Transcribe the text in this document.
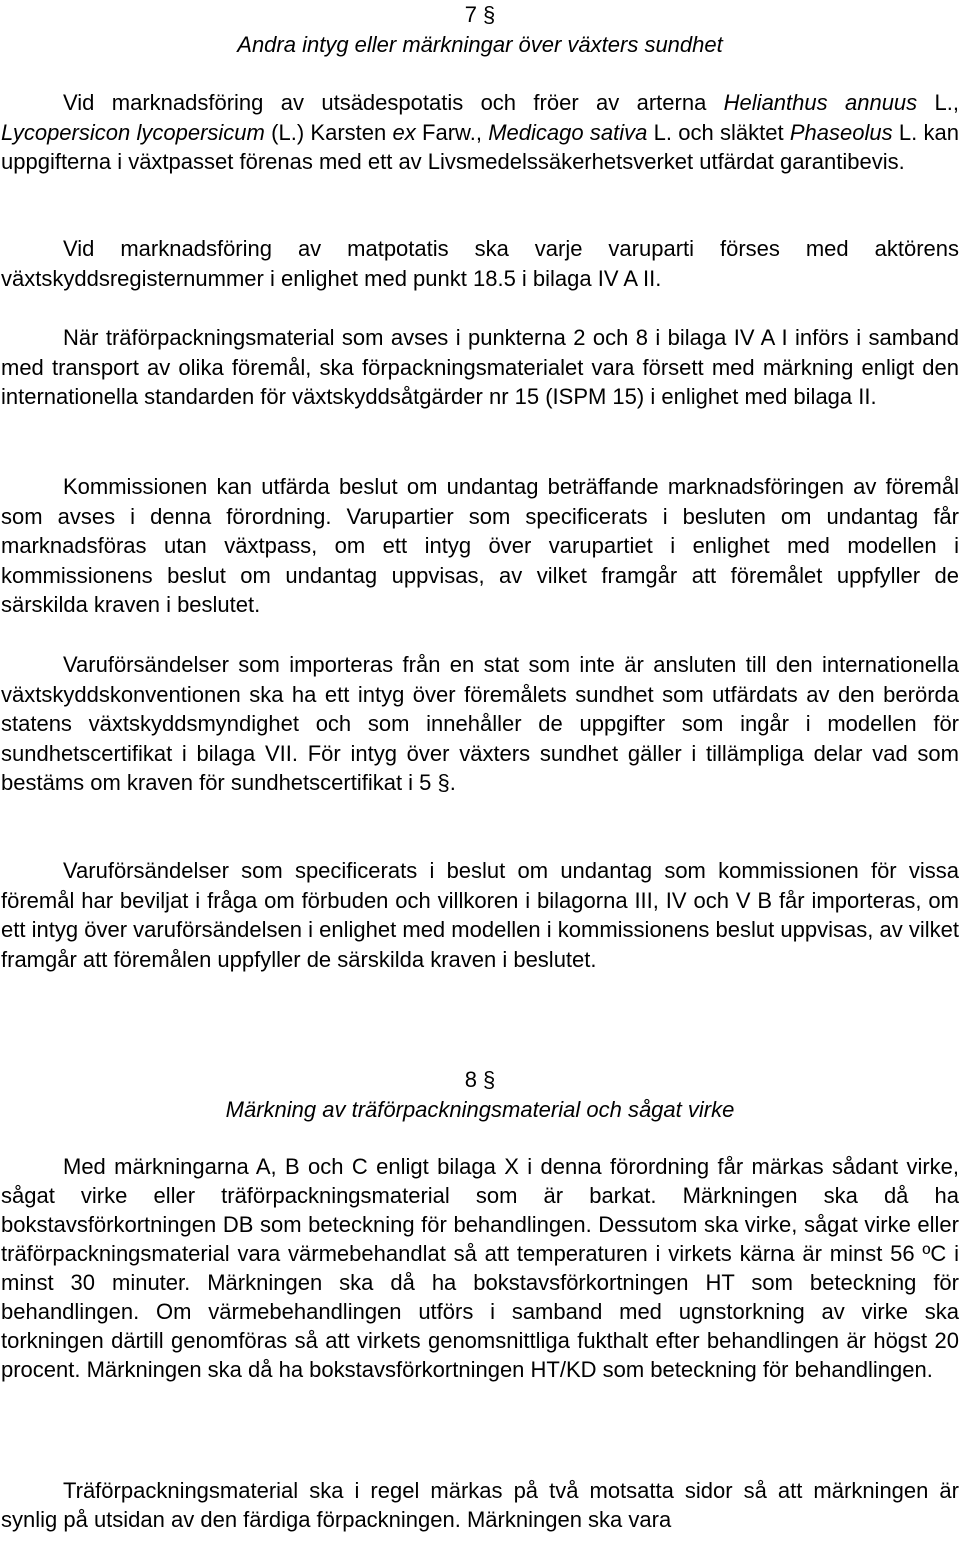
7 §
Andra intyg eller märkningar över växters sundhet

Vid marknadsföring av utsädespotatis och fröer av arterna Helianthus annuus L., Lycopersicon lycopersicum (L.) Karsten ex Farw., Medicago sativa L. och släktet Phaseolus L. kan uppgifterna i växtpasset förenas med ett av Livsmedelssäkerhetsverket utfärdat garantibevis.

Vid marknadsföring av matpotatis ska varje varuparti förses med aktörens växtskyddsregisternummer i enlighet med punkt 18.5 i bilaga IV A II.

När träförpackningsmaterial som avses i punkterna 2 och 8 i bilaga IV A I införs i samband med transport av olika föremål, ska förpackningsmaterialet vara försett med märkning enligt den internationella standarden för växtskyddsåtgärder nr 15 (ISPM 15) i enlighet med bilaga II.

Kommissionen kan utfärda beslut om undantag beträffande marknadsföringen av föremål som avses i denna förordning. Varupartier som specificerats i besluten om undantag får marknadsföras utan växtpass, om ett intyg över varupartiet i enlighet med modellen i kommissionens beslut om undantag uppvisas, av vilket framgår att föremålet uppfyller de särskilda kraven i beslutet.

Varuförsändelser som importeras från en stat som inte är ansluten till den internationella växtskyddskonventionen ska ha ett intyg över föremålets sundhet som utfärdats av den berörda statens växtskyddsmyndighet och som innehåller de uppgifter som ingår i modellen för sundhetscertifikat i bilaga VII. För intyg över växters sundhet gäller i tillämpliga delar vad som bestäms om kraven för sundhetscertifikat i 5 §.

Varuförsändelser som specificerats i beslut om undantag som kommissionen för vissa föremål har beviljat i fråga om förbuden och villkoren i bilagorna III, IV och V B får importeras, om ett intyg över varuförsändelsen i enlighet med modellen i kommissionens beslut uppvisas, av vilket framgår att föremålen uppfyller de särskilda kraven i beslutet.

8 §
Märkning av träförpackningsmaterial och sågat virke

Med märkningarna A, B och C enligt bilaga X i denna förordning får märkas sådant virke, sågat virke eller träförpackningsmaterial som är barkat. Märkningen ska då ha bokstavsförkortningen DB som beteckning för behandlingen. Dessutom ska virke, sågat virke eller träförpackningsmaterial vara värmebehandlat så att temperaturen i virkets kärna är minst 56 ºC i minst 30 minuter. Märkningen ska då ha bokstavsförkortningen HT som beteckning för behandlingen. Om värmebehandlingen utförs i samband med ugnstorkning av virke ska torkningen därtill genomföras så att virkets genomsnittliga fukthalt efter behandlingen är högst 20 procent. Märkningen ska då ha bokstavsförkortningen HT/KD som beteckning för behandlingen.

Träförpackningsmaterial ska i regel märkas på två motsatta sidor så att märkningen är synlig på utsidan av den färdiga förpackningen. Märkningen ska vara
